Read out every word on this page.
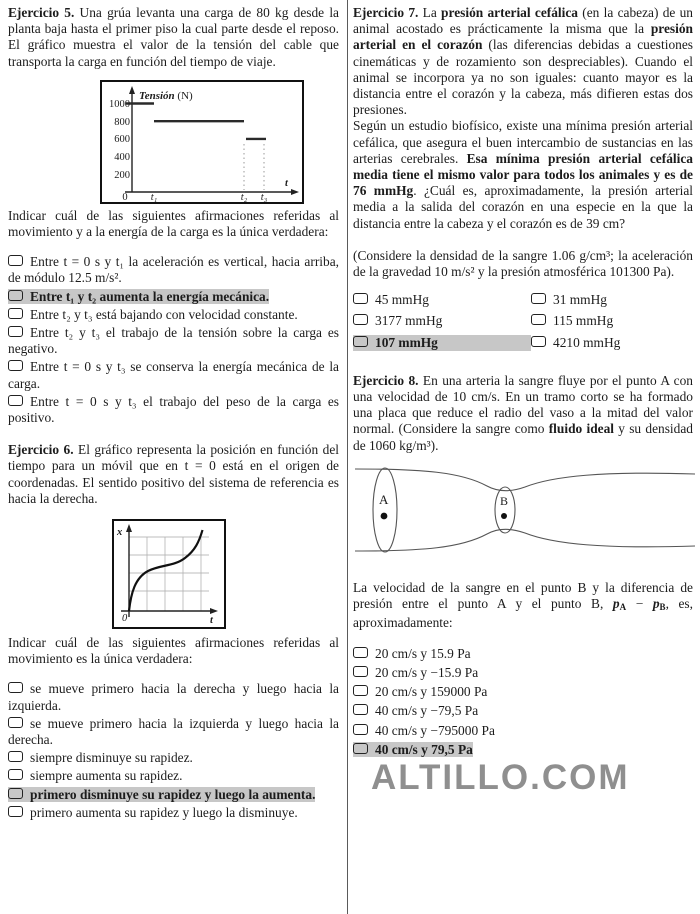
Ejercicio 5. Una grúa levanta una carga de 80 kg desde la planta baja hasta el primer piso la cual parte desde el reposo. El gráfico muestra el valor de la tensión del cable que transporta la carga en función del tiempo de viaje.

Tensión (N)
1000
800
600
400
200
0 t₁	t₂ t₃
t

Indicar cuál de las siguientes afirmaciones referidas al movimiento y a la energía de la carga es la única verdadera:

Entre t = 0 s y t₁ la aceleración es vertical, hacia arriba, de módulo 12.5 m/s².

Entre t₁ y t₂ aumenta la energía mecánica.

Entre t₂ y t₃ está bajando con velocidad constante.

Entre t₂ y t₃ el trabajo de la tensión sobre la carga es negativo.

Entre t = 0 s y t₃ se conserva la energía mecánica de la carga.

Entre t = 0 s y t₃ el trabajo del peso de la carga es positivo.

Ejercicio 6. El gráfico representa la posición en función del tiempo para un móvil que en t = 0 está en el origen de coordenadas. El sentido positivo del sistema de referencia es hacia la derecha.

x
t
0

Indicar cuál de las siguientes afirmaciones referidas al movimiento es la única verdadera:

se mueve primero hacia la derecha y luego hacia la izquierda.

se mueve primero hacia la izquierda y luego hacia la derecha.

siempre disminuye su rapidez.

siempre aumenta su rapidez.

primero disminuye su rapidez y luego la aumenta.

primero aumenta su rapidez y luego la disminuye.

Ejercicio 7. La presión arterial cefálica (en la cabeza) de un animal acostado es prácticamente la misma que la presión arterial en el corazón (las diferencias debidas a cuestiones cinemáticas y de rozamiento son despreciables). Cuando el animal se incorpora ya no son iguales: cuanto mayor es la distancia entre el corazón y la cabeza, más difieren estas dos presiones.

Según un estudio biofísico, existe una mínima presión arterial cefálica, que asegura el buen intercambio de sustancias en las arterias cerebrales. Esa mínima presión arterial cefálica media tiene el mismo valor para todos los animales y es de 76 mmHg. ¿Cuál es, aproximadamente, la presión arterial media a la salida del corazón en una especie en la que la distancia entre la cabeza y el corazón es de 39 cm?

(Considere la densidad de la sangre 1.06 g/cm³; la aceleración de la gravedad 10 m/s² y la presión atmosférica 101300 Pa).

45 mmHg	31 mmHg
3177 mmHg	115 mmHg
107 mmHg	4210 mmHg

Ejercicio 8. En una arteria la sangre fluye por el punto A con una velocidad de 10 cm/s. En un tramo corto se ha formado una placa que reduce el radio del vaso a la mitad del valor normal. (Considere la sangre como fluido ideal y su densidad de 1060 kg/m³).

A	B

La velocidad de la sangre en el punto B y la diferencia de presión entre el punto A y el punto B, pA − pB, es, aproximadamente:

20 cm/s y 15.9 Pa

20 cm/s y −15.9 Pa

20 cm/s y 159000 Pa

40 cm/s y −79,5 Pa

40 cm/s y −795000 Pa

40 cm/s y 79,5 Pa

ALTILLO.COM
